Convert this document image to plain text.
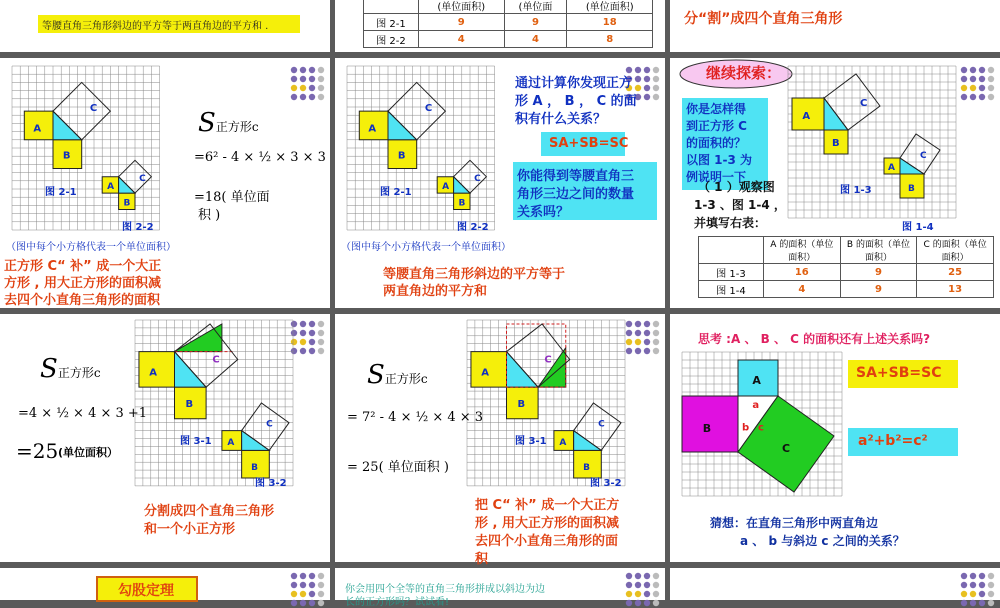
等腰直角三角形斜边的平方等于两直角边的平方和 .

	(单位面积)	(单位面	(单位面积)
图 2-1	9	9	18
图 2-2	4	4	8

分“割”成四个直角三角形

A
B
C
A
B
C

图 2-1

图 2-2

S正方形c

=6² - 4 × ½ × 3 × 3

=18( 单位面

积 )

（图中每个小方格代表一个单位面积）

正方形 C“ 补” 成一个大正

方形 , 用大正方形的面积减

去四个小直角三角形的面积

A
B
C
A
B
C

图 2-1

图 2-2

通过计算你发现正方

形 A ， B ， C 的面

积有什么关系？

SA+SB=SC

你能得到等腰直角三

角形三边之间的数量

关系吗？

（图中每个小方格代表一个单位面积）

等腰直角三角形斜边的平方等于

两直角边的平方和

继续探索：

你是怎样得

到正方形 C

的面积的？

以图 1-3 为

例说明一下

A
B
C
A
B
C

图 1-3

图 1-4

（ 1 ）观察图

1-3 、图 1-4 ，

并填写右表：

	A 的面积（单位面积）	B 的面积（单位面积）	C 的面积（单位面积）
图 1-3	16	9	25
图 1-4	4	9	13
A
B
C
A
B
C

图 3-1

图 3-2

S正方形c

=4 × ½ × 4 × 3 +1

=25 (单位面积）

分割成四个直角三角形

和一个小正方形

A
B
C
A
B
C

图 3-1

图 3-2

S正方形c

= 7² - 4 × ½ × 4 × 3

= 25( 单位面积 )

把 C“ 补” 成一个大正方

形 , 用大正方形的面积减

去四个小直角三角形的面

积

思考 :A 、 B 、 C 的面积还有上述关系吗?

A
B
C
a
b c

SA+SB=SC

a²+b²=c²

猜想：在直角三角形中两直角边

a 、 b 与斜边 c 之间的关系？

勾股定理	你会用四个全等的直角三角形拼成以斜边为边

长的正方形吗？试试看!
